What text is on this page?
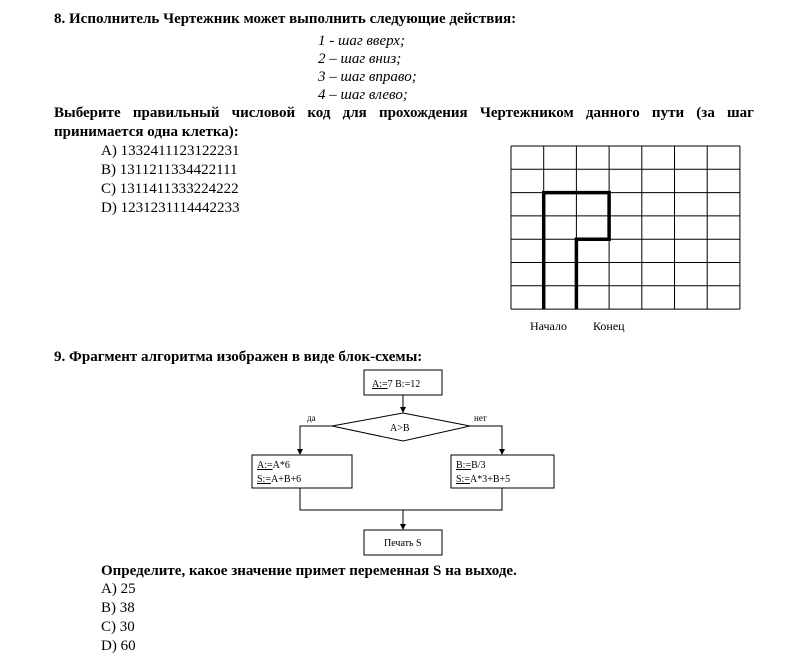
8. Исполнитель Чертежник может выполнить следующие действия:
1 - шаг вверх;
2 – шаг вниз;
3 – шаг вправо;
4 – шаг влево;
Выберите правильный числовой код для прохождения Чертежником данного пути (за шаг принимается одна клетка):
A) 1332411123122231
B) 1311211334422111
C) 1311411333224222
D) 1231231114442233
Начало Конец
9. Фрагмент алгоритма изображен в виде блок-схемы:
A:=7 B:=12
A>B
да	нет
A:=A*6
S:=A+B+6
B:=B/3
S:=A*3+B+5
Печать S
Определите, какое значение примет переменная S на выходе.
A) 25
B) 38
C) 30
D) 60
